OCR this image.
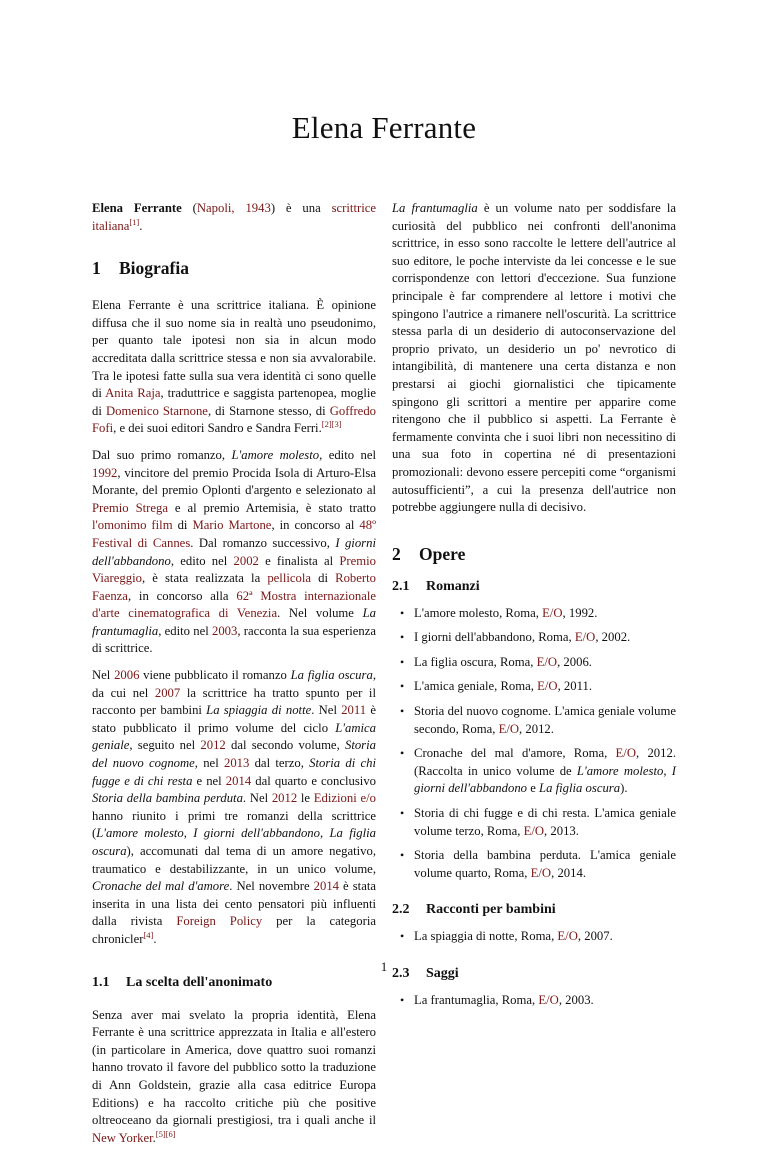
Elena Ferrante

Elena Ferrante (Napoli, 1943) è una scrittrice italiana[1].

1 Biografia

Elena Ferrante è una scrittrice italiana. È opinione diffusa che il suo nome sia in realtà uno pseudonimo, per quanto tale ipotesi non sia in alcun modo accreditata dalla scrittrice stessa e non sia avvalorabile. Tra le ipotesi fatte sulla sua vera identità ci sono quelle di Anita Raja, traduttrice e saggista partenopea, moglie di Domenico Starnone, di Starnone stesso, di Goffredo Fofi, e dei suoi editori Sandro e Sandra Ferri.[2][3]

Dal suo primo romanzo, L'amore molesto, edito nel 1992, vincitore del premio Procida Isola di Arturo-Elsa Morante, del premio Oplonti d'argento e selezionato al Premio Strega e al premio Artemisia, è stato tratto l'omonimo film di Mario Martone, in concorso al 48º Festival di Cannes. Dal romanzo successivo, I giorni dell'abbandono, edito nel 2002 e finalista al Premio Viareggio, è stata realizzata la pellicola di Roberto Faenza, in concorso alla 62ª Mostra internazionale d'arte cinematografica di Venezia. Nel volume La frantumaglia, edito nel 2003, racconta la sua esperienza di scrittrice.

Nel 2006 viene pubblicato il romanzo La figlia oscura, da cui nel 2007 la scrittrice ha tratto spunto per il racconto per bambini La spiaggia di notte. Nel 2011 è stato pubblicato il primo volume del ciclo L'amica geniale, seguito nel 2012 dal secondo volume, Storia del nuovo cognome, nel 2013 dal terzo, Storia di chi fugge e di chi resta e nel 2014 dal quarto e conclusivo Storia della bambina perduta. Nel 2012 le Edizioni e/o hanno riunito i primi tre romanzi della scrittrice (L'amore molesto, I giorni dell'abbandono, La figlia oscura), accomunati dal tema di un amore negativo, traumatico e destabilizzante, in un unico volume, Cronache del mal d'amore. Nel novembre 2014 è stata inserita in una lista dei cento pensatori più influenti dalla rivista Foreign Policy per la categoria chronicler[4].

1.1 La scelta dell'anonimato

Senza aver mai svelato la propria identità, Elena Ferrante è una scrittrice apprezzata in Italia e all'estero (in particolare in America, dove quattro suoi romanzi hanno trovato il favore del pubblico sotto la traduzione di Ann Goldstein, grazie alla casa editrice Europa Editions) e ha raccolto critiche più che positive oltreoceano da giornali prestigiosi, tra i quali anche il New Yorker.[5][6]

La frantumaglia è un volume nato per soddisfare la curiosità del pubblico nei confronti dell'anonima scrittrice, in esso sono raccolte le lettere dell'autrice al suo editore, le poche interviste da lei concesse e le sue corrispondenze con lettori d'eccezione. Sua funzione principale è far comprendere al lettore i motivi che spingono l'autrice a rimanere nell'oscurità. La scrittrice stessa parla di un desiderio di autoconservazione del proprio privato, un desiderio un po' nevrotico di intangibilità, di mantenere una certa distanza e non prestarsi ai giochi giornalistici che tipicamente spingono gli scrittori a mentire per apparire come ritengono che il pubblico si aspetti. La Ferrante è fermamente convinta che i suoi libri non necessitino di una sua foto in copertina né di presentazioni promozionali: devono essere percepiti come “organismi autosufficienti”, a cui la presenza dell'autrice non potrebbe aggiungere nulla di decisivo.

2 Opere
2.1 Romanzi
• L'amore molesto, Roma, E/O, 1992.
• I giorni dell'abbandono, Roma, E/O, 2002.
• La figlia oscura, Roma, E/O, 2006.
• L'amica geniale, Roma, E/O, 2011.
• Storia del nuovo cognome. L'amica geniale volume secondo, Roma, E/O, 2012.
• Cronache del mal d'amore, Roma, E/O, 2012. (Raccolta in unico volume de L'amore molesto, I giorni dell'abbandono e La figlia oscura).
• Storia di chi fugge e di chi resta. L'amica geniale volume terzo, Roma, E/O, 2013.
• Storia della bambina perduta. L'amica geniale volume quarto, Roma, E/O, 2014.
2.2 Racconti per bambini
• La spiaggia di notte, Roma, E/O, 2007.
2.3 Saggi
• La frantumaglia, Roma, E/O, 2003.
1
